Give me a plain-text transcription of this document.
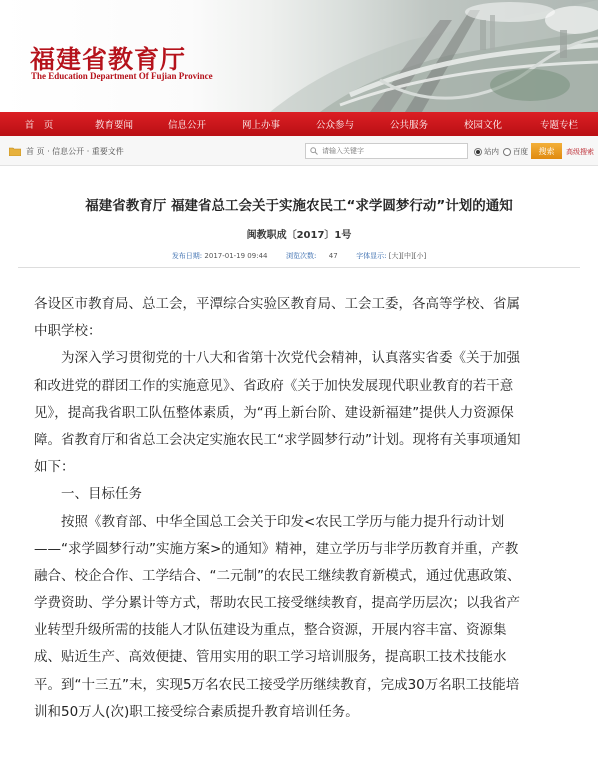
福建省教育厅
The Education Department Of Fujian Province
首　页	教育要闻	信息公开	网上办事	公众参与	公共服务	校园文化	专题专栏
首 页 · 信息公开 · 重要文件
请输入关键字	站内 百度	搜索	高级搜索
福建省教育厅 福建省总工会关于实施农民工“求学圆梦行动”计划的通知
闽教职成〔2017〕1号
发布日期: 2017-01-19 09:44	浏览次数: 47	字体显示: [大][中][小]
各设区市教育局、总工会，平潭综合实验区教育局、工会工委，各高等学校、省属
中职学校：
为深入学习贯彻党的十八大和省第十次党代会精神，认真落实省委《关于加强
和改进党的群团工作的实施意见》、省政府《关于加快发展现代职业教育的若干意
见》，提高我省职工队伍整体素质，为“再上新台阶、建设新福建”提供人力资源保
障。省教育厅和省总工会决定实施农民工“求学圆梦行动”计划。现将有关事项通知
如下：
一、目标任务
按照《教育部、中华全国总工会关于印发<农民工学历与能力提升行动计划
——“求学圆梦行动”实施方案>的通知》精神，建立学历与非学历教育并重，产教
融合、校企合作、工学结合、“二元制”的农民工继续教育新模式，通过优惠政策、
学费资助、学分累计等方式，帮助农民工接受继续教育，提高学历层次；以我省产
业转型升级所需的技能人才队伍建设为重点，整合资源，开展内容丰富、资源集
成、贴近生产、高效便捷、管用实用的职工学习培训服务，提高职工技术技能水
平。到“十三五”末，实现5万名农民工接受学历继续教育，完成30万名职工技能培
训和50万人(次)职工接受综合素质提升教育培训任务。
